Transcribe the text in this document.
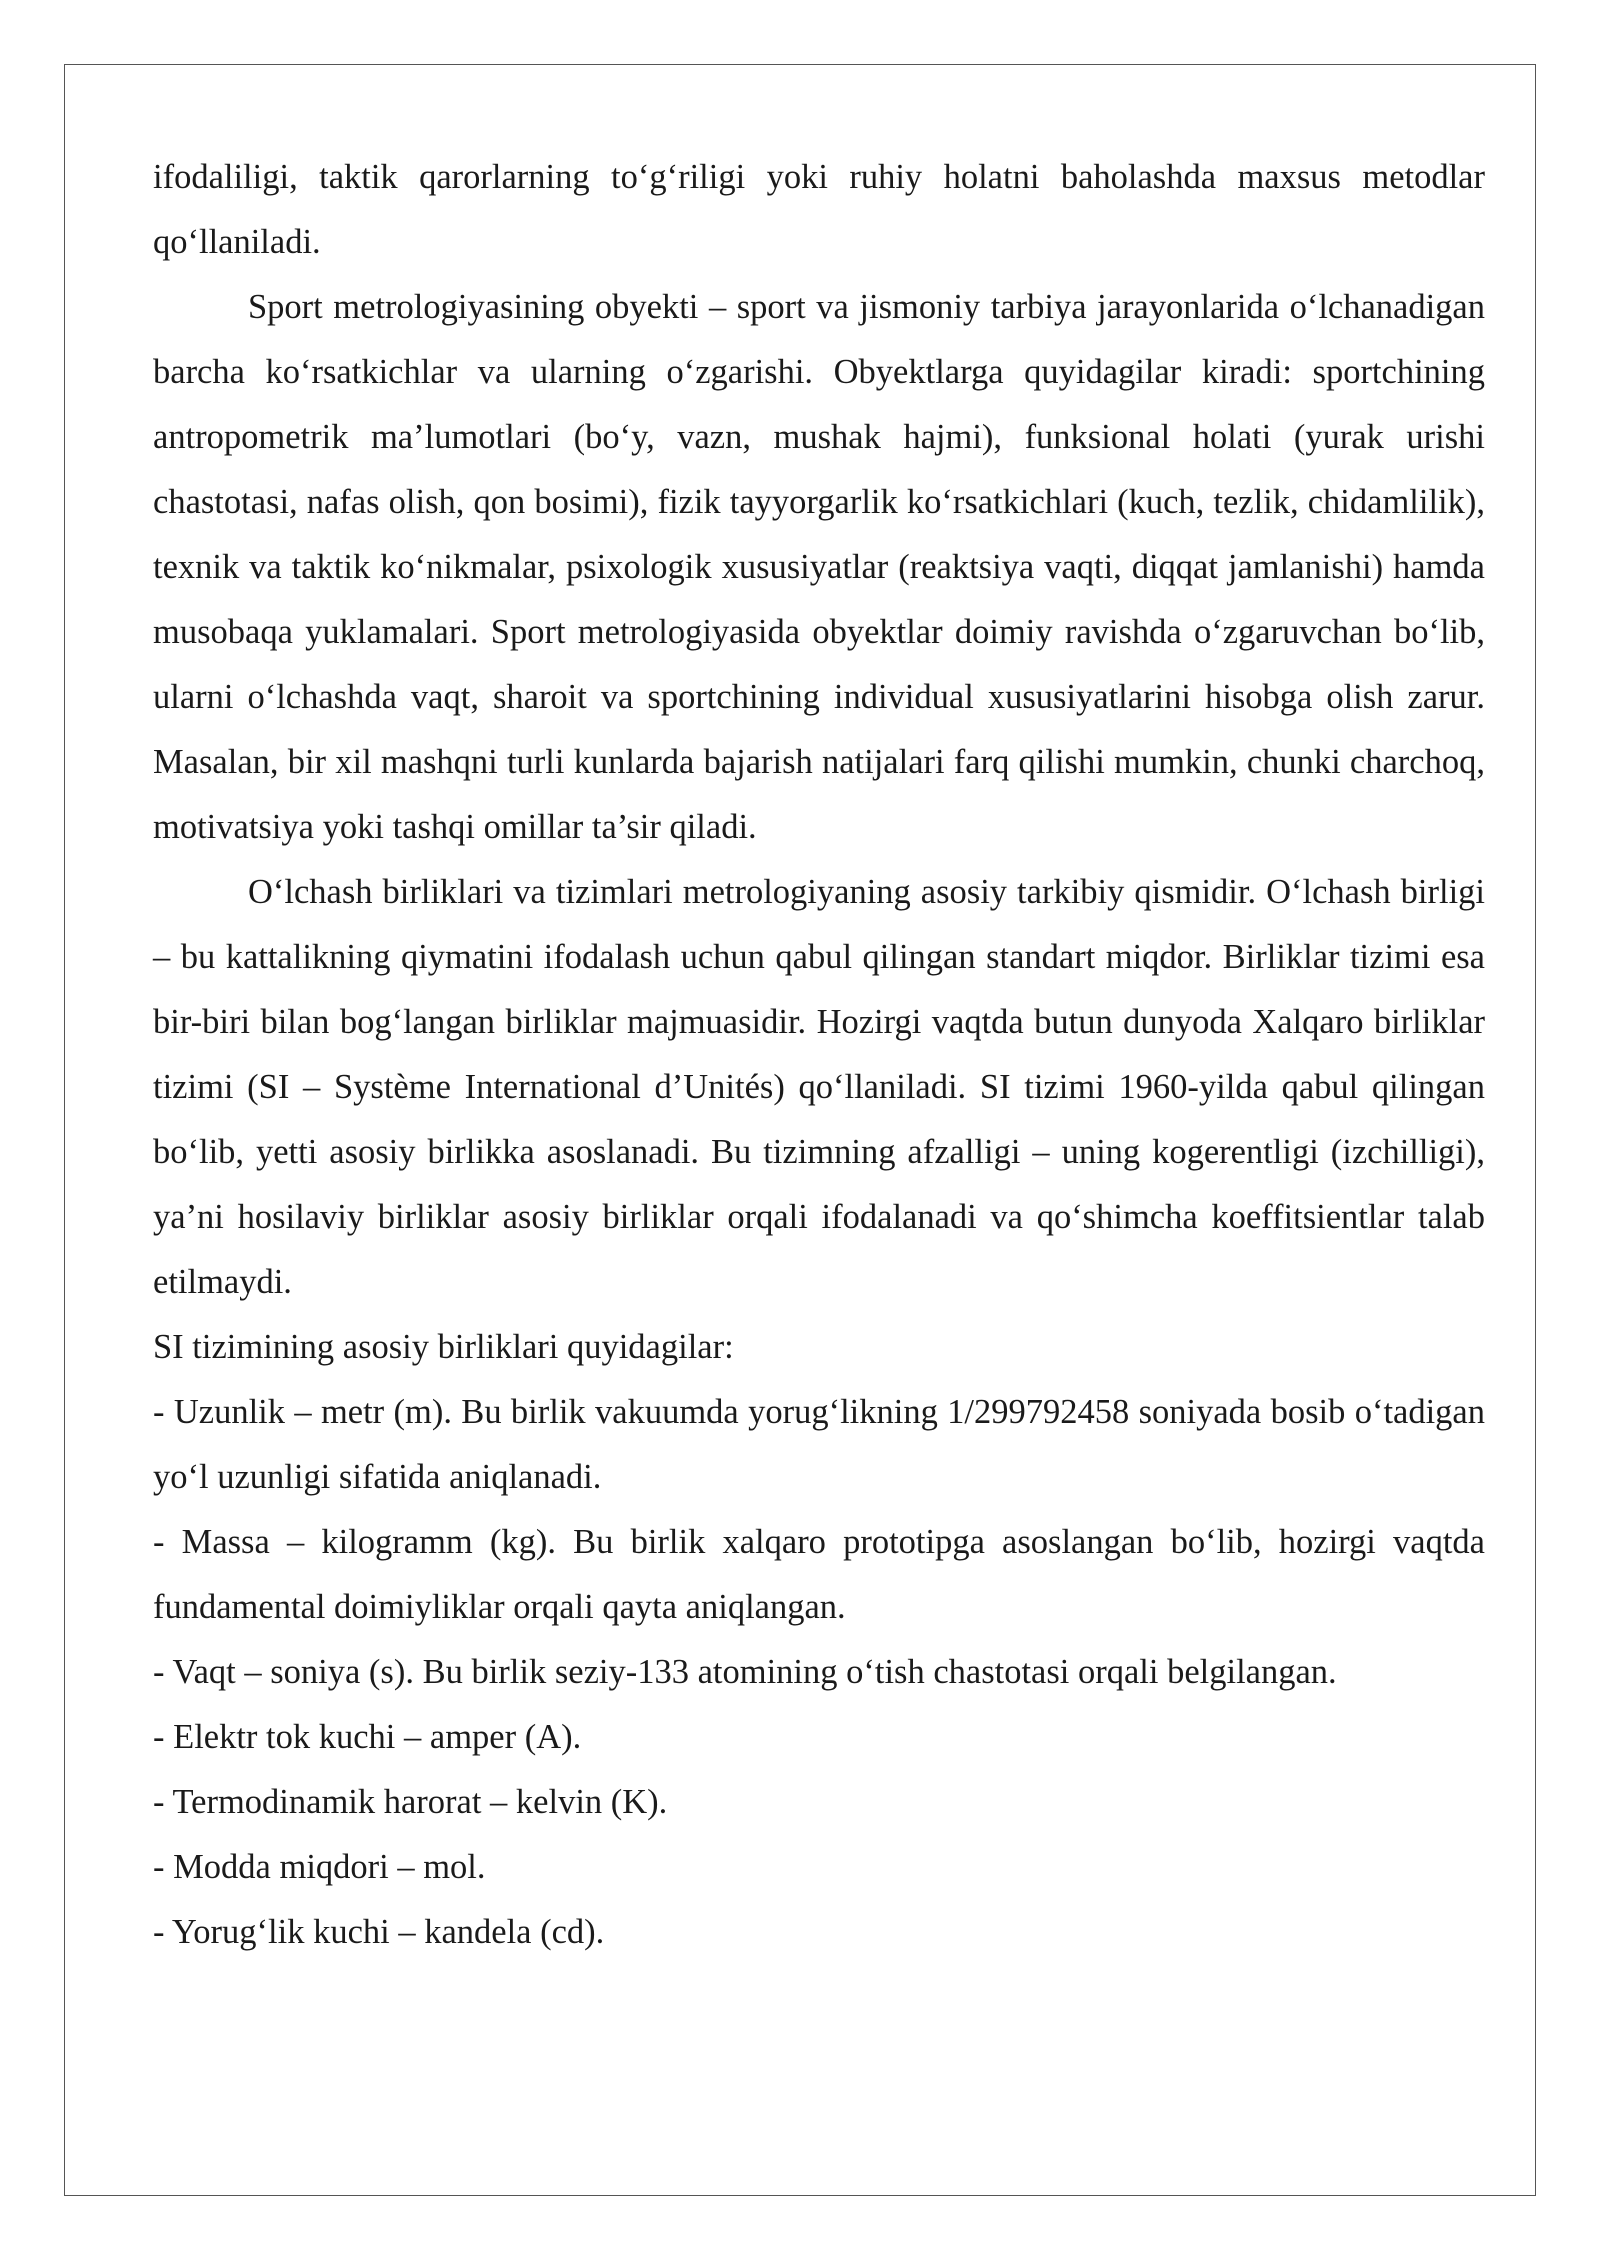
ifodaliligi, taktik qarorlarning to‘g‘riligi yoki ruhiy holatni baholashda maxsus metodlar qo‘llaniladi.

Sport metrologiyasining obyekti – sport va jismoniy tarbiya jarayonlarida o‘lchanadigan barcha ko‘rsatkichlar va ularning o‘zgarishi. Obyektlarga quyidagilar kiradi: sportchining antropometrik ma’lumotlari (bo‘y, vazn, mushak hajmi), funksional holati (yurak urishi chastotasi, nafas olish, qon bosimi), fizik tayyorgarlik ko‘rsatkichlari (kuch, tezlik, chidamlilik), texnik va taktik ko‘nikmalar, psixologik xususiyatlar (reaktsiya vaqti, diqqat jamlanishi) hamda musobaqa yuklamalari. Sport metrologiyasida obyektlar doimiy ravishda o‘zgaruvchan bo‘lib, ularni o‘lchashda vaqt, sharoit va sportchining individual xususiyatlarini hisobga olish zarur. Masalan, bir xil mashqni turli kunlarda bajarish natijalari farq qilishi mumkin, chunki charchoq, motivatsiya yoki tashqi omillar ta’sir qiladi.

O‘lchash birliklari va tizimlari metrologiyaning asosiy tarkibiy qismidir. O‘lchash birligi – bu kattalikning qiymatini ifodalash uchun qabul qilingan standart miqdor. Birliklar tizimi esa bir-biri bilan bog‘langan birliklar majmuasidir. Hozirgi vaqtda butun dunyoda Xalqaro birliklar tizimi (SI – Système International d’Unités) qo‘llaniladi. SI tizimi 1960-yilda qabul qilingan bo‘lib, yetti asosiy birlikka asoslanadi. Bu tizimning afzalligi – uning kogerentligi (izchilligi), ya’ni hosilaviy birliklar asosiy birliklar orqali ifodalanadi va qo‘shimcha koeffitsientlar talab etilmaydi.

SI tizimining asosiy birliklari quyidagilar:

- Uzunlik – metr (m). Bu birlik vakuumda yorug‘likning 1/299792458 soniyada bosib o‘tadigan yo‘l uzunligi sifatida aniqlanadi.

- Massa – kilogramm (kg). Bu birlik xalqaro prototipga asoslangan bo‘lib, hozirgi vaqtda fundamental doimiyliklar orqali qayta aniqlangan.

- Vaqt – soniya (s). Bu birlik seziy-133 atomining o‘tish chastotasi orqali belgilangan.

- Elektr tok kuchi – amper (A).

- Termodinamik harorat – kelvin (K).

- Modda miqdori – mol.

- Yorug‘lik kuchi – kandela (cd).
